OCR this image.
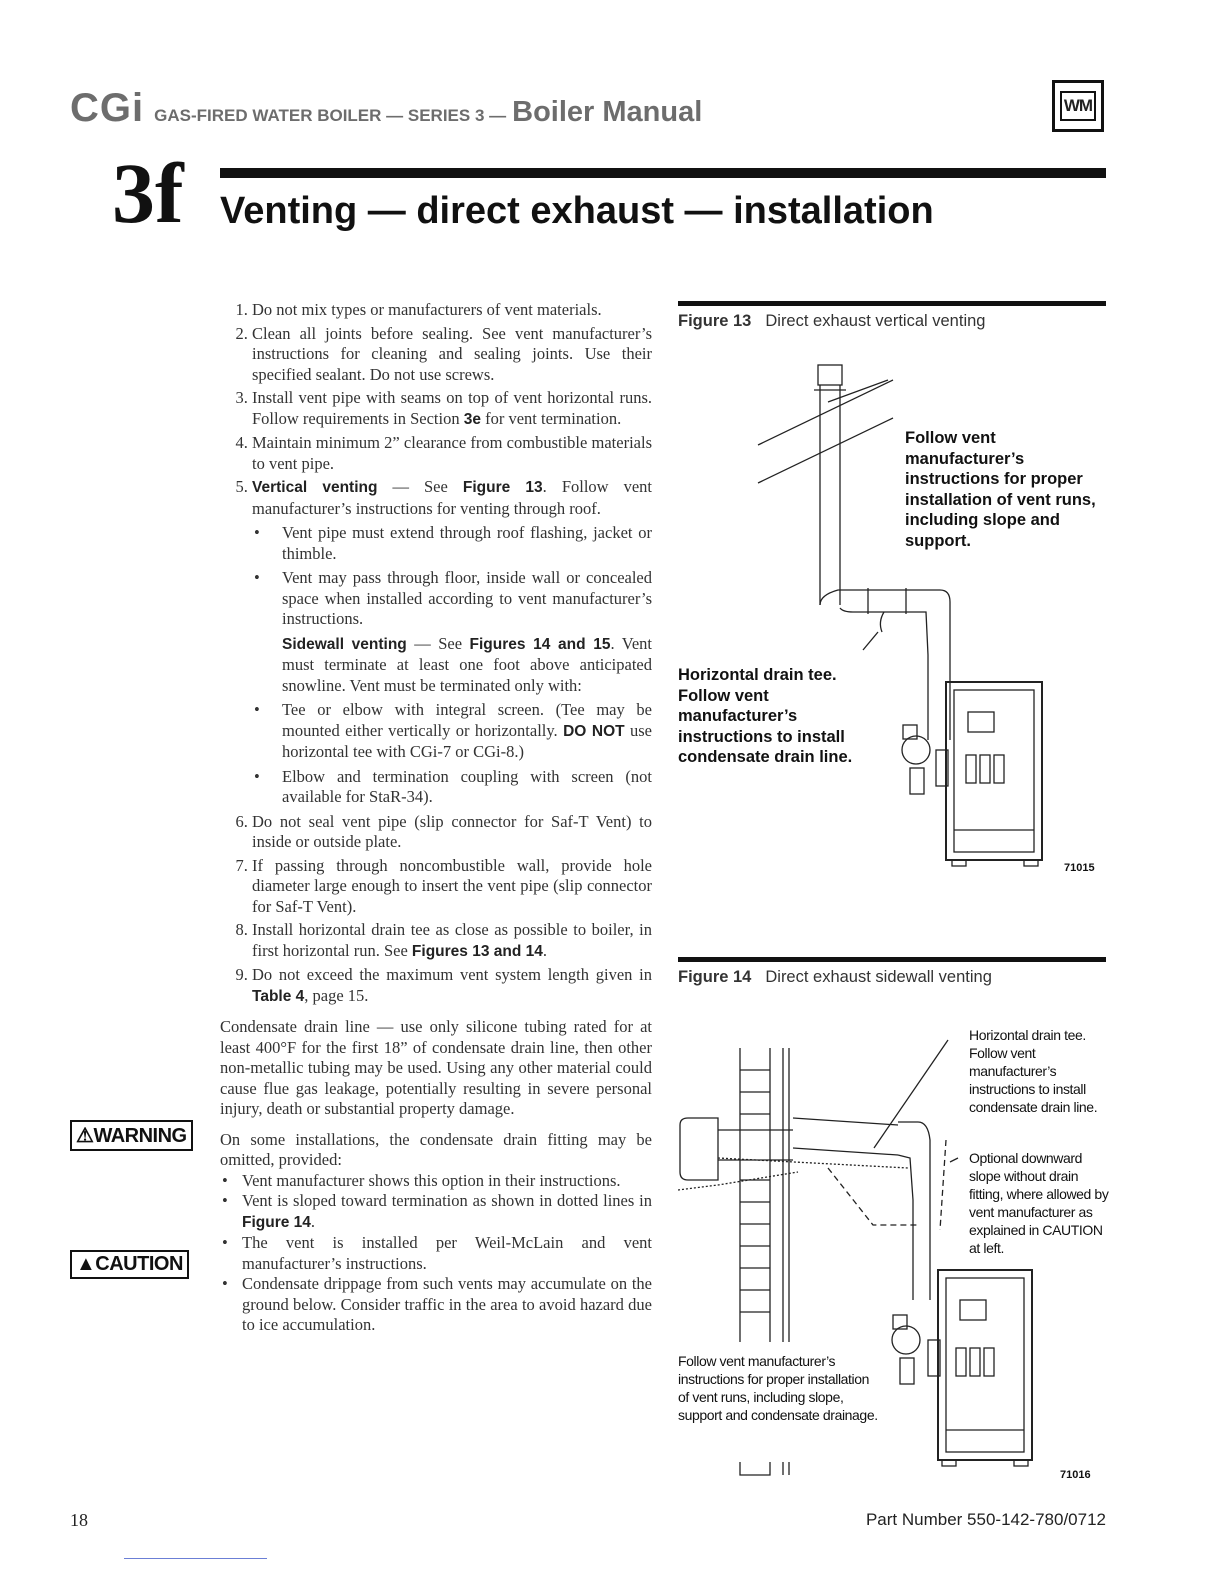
CGi GAS-FIRED WATER BOILER — SERIES 3 — Boiler Manual	WM
3f Venting — direct exhaust — installation
1. Do not mix types or manufacturers of vent materials.
2. Clean all joints before sealing. See vent manufacturer’s instructions for cleaning and sealing joints. Use their specified sealant. Do not use screws.
3. Install vent pipe with seams on top of vent horizontal runs. Follow requirements in Section 3e for vent termination.
4. Maintain minimum 2” clearance from combustible materials to vent pipe.
5. Vertical venting — See Figure 13. Follow vent manufacturer’s instructions for venting through roof.
• Vent pipe must extend through roof flashing, jacket or thimble.
• Vent may pass through floor, inside wall or concealed space when installed according to vent manufacturer’s instructions.
Sidewall venting — See Figures 14 and 15. Vent must terminate at least one foot above anticipated snowline. Vent must be terminated only with:
• Tee or elbow with integral screen. (Tee may be mounted either vertically or horizontally. DO NOT use horizontal tee with CGi-7 or CGi-8.)
• Elbow and termination coupling with screen (not available for StaR-34).
6. Do not seal vent pipe (slip connector for Saf-T Vent) to inside or outside plate.
7. If passing through noncombustible wall, provide hole diameter large enough to insert the vent pipe (slip connector for Saf-T Vent).
8. Install horizontal drain tee as close as possible to boiler, in first horizontal run. See Figures 13 and 14.
9. Do not exceed the maximum vent system length given in Table 4, page 15.

Condensate drain line — use only silicone tubing rated for at least 400°F for the first 18” of condensate drain line, then other non-metallic tubing may be used. Using any other material could cause flue gas leakage, potentially resulting in severe personal injury, death or substantial property damage.

On some installations, the condensate drain fitting may be omitted, provided:

• Vent manufacturer shows this option in their instructions.
• Vent is sloped toward termination as shown in dotted lines in Figure 14.
• The vent is installed per Weil-McLain and vent manufacturer’s instructions.
• Condensate drippage from such vents may accumulate on the ground below. Consider traffic in the area to avoid hazard due to ice accumulation.
⚠WARNING
▲CAUTION
Figure 13 Direct exhaust vertical venting
Follow vent manufacturer’s instructions for proper installation of vent runs, including slope and support.
Horizontal drain tee. Follow vent manufacturer’s instructions to install condensate drain line.
71015
Figure 14 Direct exhaust sidewall venting
Horizontal drain tee. Follow vent manufacturer’s instructions to install condensate drain line.
Optional downward slope without drain fitting, where allowed by vent manufacturer as explained in CAUTION at left.
Follow vent manufacturer’s instructions for proper installation of vent runs, including slope, support and condensate drainage.
71016
18	Part Number 550-142-780/0712
